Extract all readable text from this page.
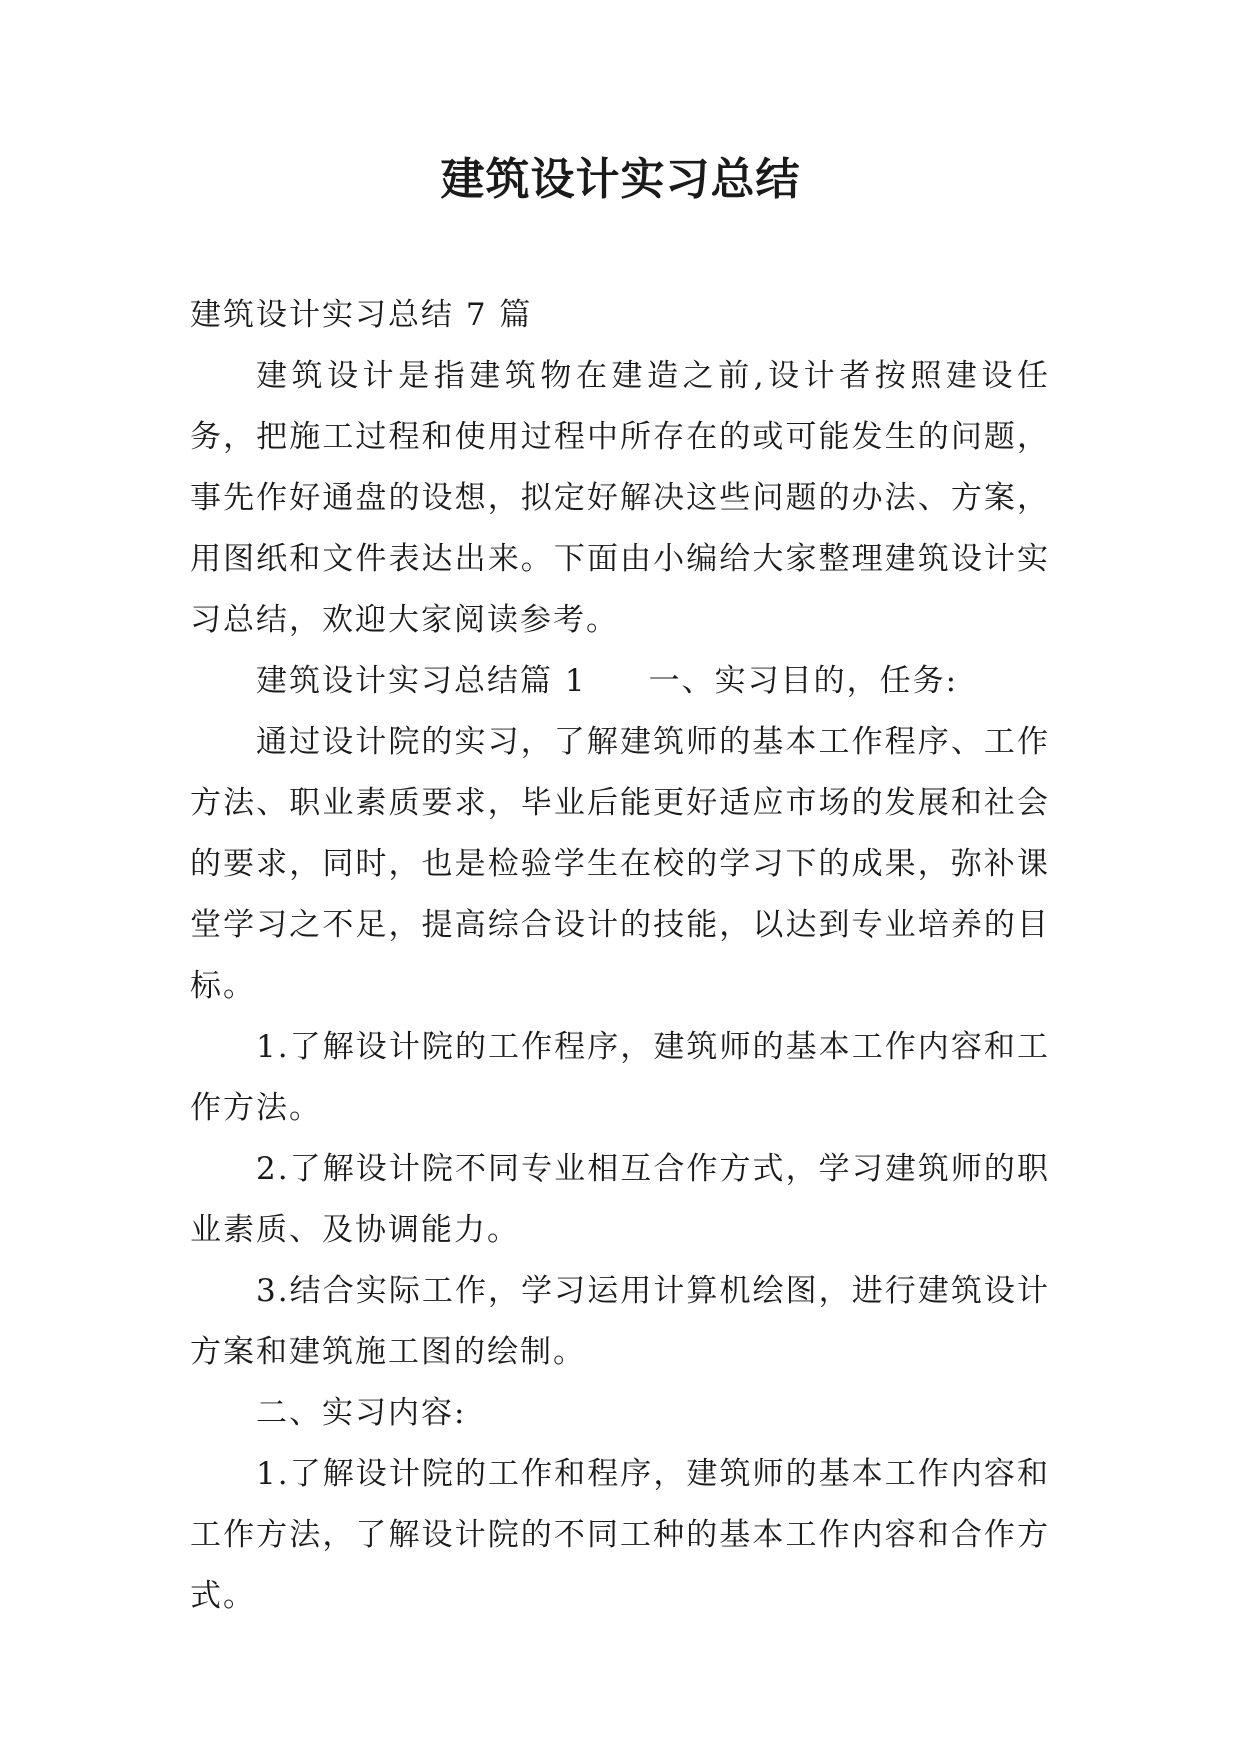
建筑设计实习总结

建筑设计实习总结 7 篇

建筑设计是指建筑物在建造之前,设计者按照建设任务，把施工过程和使用过程中所存在的或可能发生的问题，事先作好通盘的设想，拟定好解决这些问题的办法、方案，用图纸和文件表达出来。下面由小编给大家整理建筑设计实习总结，欢迎大家阅读参考。

建筑设计实习总结篇 1 一、实习目的，任务:

通过设计院的实习，了解建筑师的基本工作程序、工作方法、职业素质要求，毕业后能更好适应市场的发展和社会的要求，同时，也是检验学生在校的学习下的成果，弥补课堂学习之不足，提高综合设计的技能，以达到专业培养的目标。

1.了解设计院的工作程序，建筑师的基本工作内容和工作方法。

2.了解设计院不同专业相互合作方式，学习建筑师的职业素质、及协调能力。

3.结合实际工作，学习运用计算机绘图，进行建筑设计方案和建筑施工图的绘制。

二、实习内容:

1.了解设计院的工作和程序，建筑师的基本工作内容和工作方法，了解设计院的不同工种的基本工作内容和合作方式。
